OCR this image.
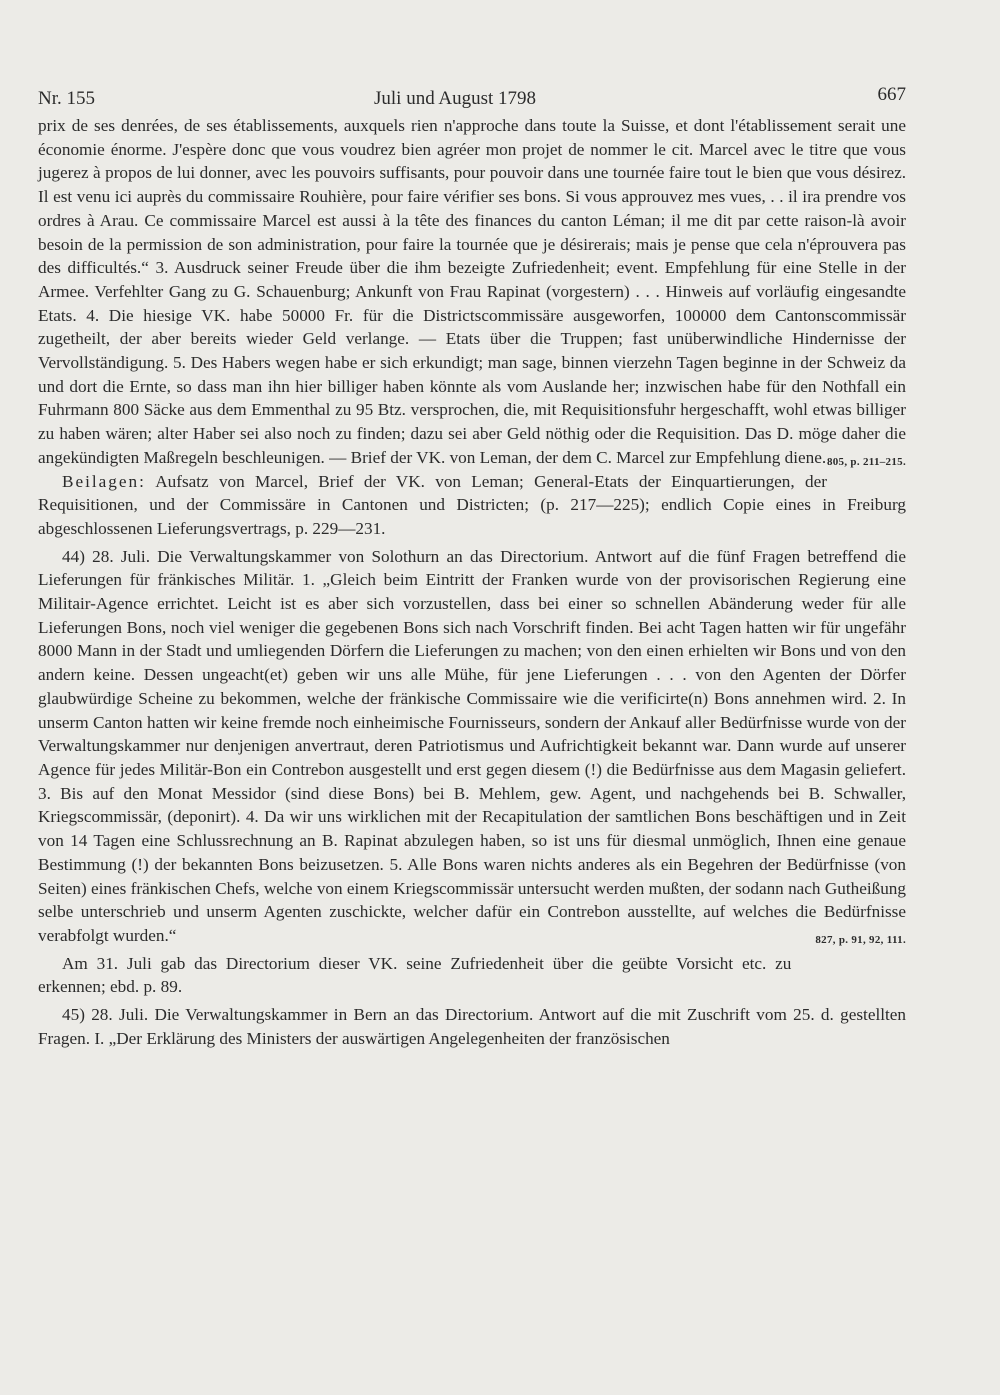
Nr. 155	Juli und August 1798	667

prix de ses denrées, de ses établissements, auxquels rien n'approche dans toute la Suisse, et dont l'établissement serait une économie énorme. J'espère donc que vous voudrez bien agréer mon projet de nommer le cit. Marcel avec le titre que vous jugerez à propos de lui donner, avec les pouvoirs suffisants, pour pouvoir dans une tournée faire tout le bien que vous désirez. Il est venu ici auprès du commissaire Rouhière, pour faire vérifier ses bons. Si vous approuvez mes vues, . . il ira prendre vos ordres à Arau. Ce commissaire Marcel est aussi à la tête des finances du canton Léman; il me dit par cette raison-là avoir besoin de la permission de son administration, pour faire la tournée que je désirerais; mais je pense que cela n'éprouvera pas des difficultés.“ 3. Ausdruck seiner Freude über die ihm bezeigte Zufriedenheit; event. Empfehlung für eine Stelle in der Armee. Verfehlter Gang zu G. Schauenburg; Ankunft von Frau Rapinat (vorgestern) . . . Hinweis auf vorläufig eingesandte Etats. 4. Die hiesige VK. habe 50000 Fr. für die Districtscommissäre ausgeworfen, 100000 dem Cantonscommissär zugetheilt, der aber bereits wieder Geld verlange. — Etats über die Truppen; fast unüberwindliche Hindernisse der Vervollständigung. 5. Des Habers wegen habe er sich erkundigt; man sage, binnen vierzehn Tagen beginne in der Schweiz da und dort die Ernte, so dass man ihn hier billiger haben könnte als vom Auslande her; inzwischen habe für den Nothfall ein Fuhrmann 800 Säcke aus dem Emmenthal zu 95 Btz. versprochen, die, mit Requisitionsfuhr hergeschafft, wohl etwas billiger zu haben wären; alter Haber sei also noch zu finden; dazu sei aber Geld nöthig oder die Requisition. Das D. möge daher die angekündigten Maßregeln beschleunigen. — Brief der VK. von Leman, der dem C. Marcel zur Empfehlung diene. 805, p. 211–215.

Beilagen: Aufsatz von Marcel, Brief der VK. von Leman; General-Etats der Einquartierungen, der Requisitionen, und der Commissäre in Cantonen und Districten; (p. 217—225); endlich Copie eines in Freiburg abgeschlossenen Lieferungsvertrags, p. 229—231.

44) 28. Juli. Die Verwaltungskammer von Solothurn an das Directorium. Antwort auf die fünf Fragen betreffend die Lieferungen für fränkisches Militär. 1. „Gleich beim Eintritt der Franken wurde von der provisorischen Regierung eine Militair-Agence errichtet. Leicht ist es aber sich vorzustellen, dass bei einer so schnellen Abänderung weder für alle Lieferungen Bons, noch viel weniger die gegebenen Bons sich nach Vorschrift finden. Bei acht Tagen hatten wir für ungefähr 8000 Mann in der Stadt und umliegenden Dörfern die Lieferungen zu machen; von den einen erhielten wir Bons und von den andern keine. Dessen ungeacht(et) geben wir uns alle Mühe, für jene Lieferungen . . . von den Agenten der Dörfer glaubwürdige Scheine zu bekommen, welche der fränkische Commissaire wie die verificirte(n) Bons annehmen wird. 2. In unserm Canton hatten wir keine fremde noch einheimische Fournisseurs, sondern der Ankauf aller Bedürfnisse wurde von der Verwaltungskammer nur denjenigen anvertraut, deren Patriotismus und Aufrichtigkeit bekannt war. Dann wurde auf unserer Agence für jedes Militär-Bon ein Contrebon ausgestellt und erst gegen diesem (!) die Bedürfnisse aus dem Magasin geliefert. 3. Bis auf den Monat Messidor (sind diese Bons) bei B. Mehlem, gew. Agent, und nachgehends bei B. Schwaller, Kriegscommissär, (deponirt). 4. Da wir uns wirklichen mit der Recapitulation der samtlichen Bons beschäftigen und in Zeit von 14 Tagen eine Schlussrechnung an B. Rapinat abzulegen haben, so ist uns für diesmal unmöglich, Ihnen eine genaue Bestimmung (!) der bekannten Bons beizusetzen. 5. Alle Bons waren nichts anderes als ein Begehren der Bedürfnisse (von Seiten) eines fränkischen Chefs, welche von einem Kriegscommissär untersucht werden mußten, der sodann nach Gutheißung selbe unterschrieb und unserm Agenten zuschickte, welcher dafür ein Contrebon ausstellte, auf welches die Bedürfnisse verabfolgt wurden.“	827, p. 91, 92, 111.

Am 31. Juli gab das Directorium dieser VK. seine Zufriedenheit über die geübte Vorsicht etc. zu erkennen; ebd. p. 89.

45) 28. Juli. Die Verwaltungskammer in Bern an das Directorium. Antwort auf die mit Zuschrift vom 25. d. gestellten Fragen. I. „Der Erklärung des Ministers der auswärtigen Angelegenheiten der französischen
